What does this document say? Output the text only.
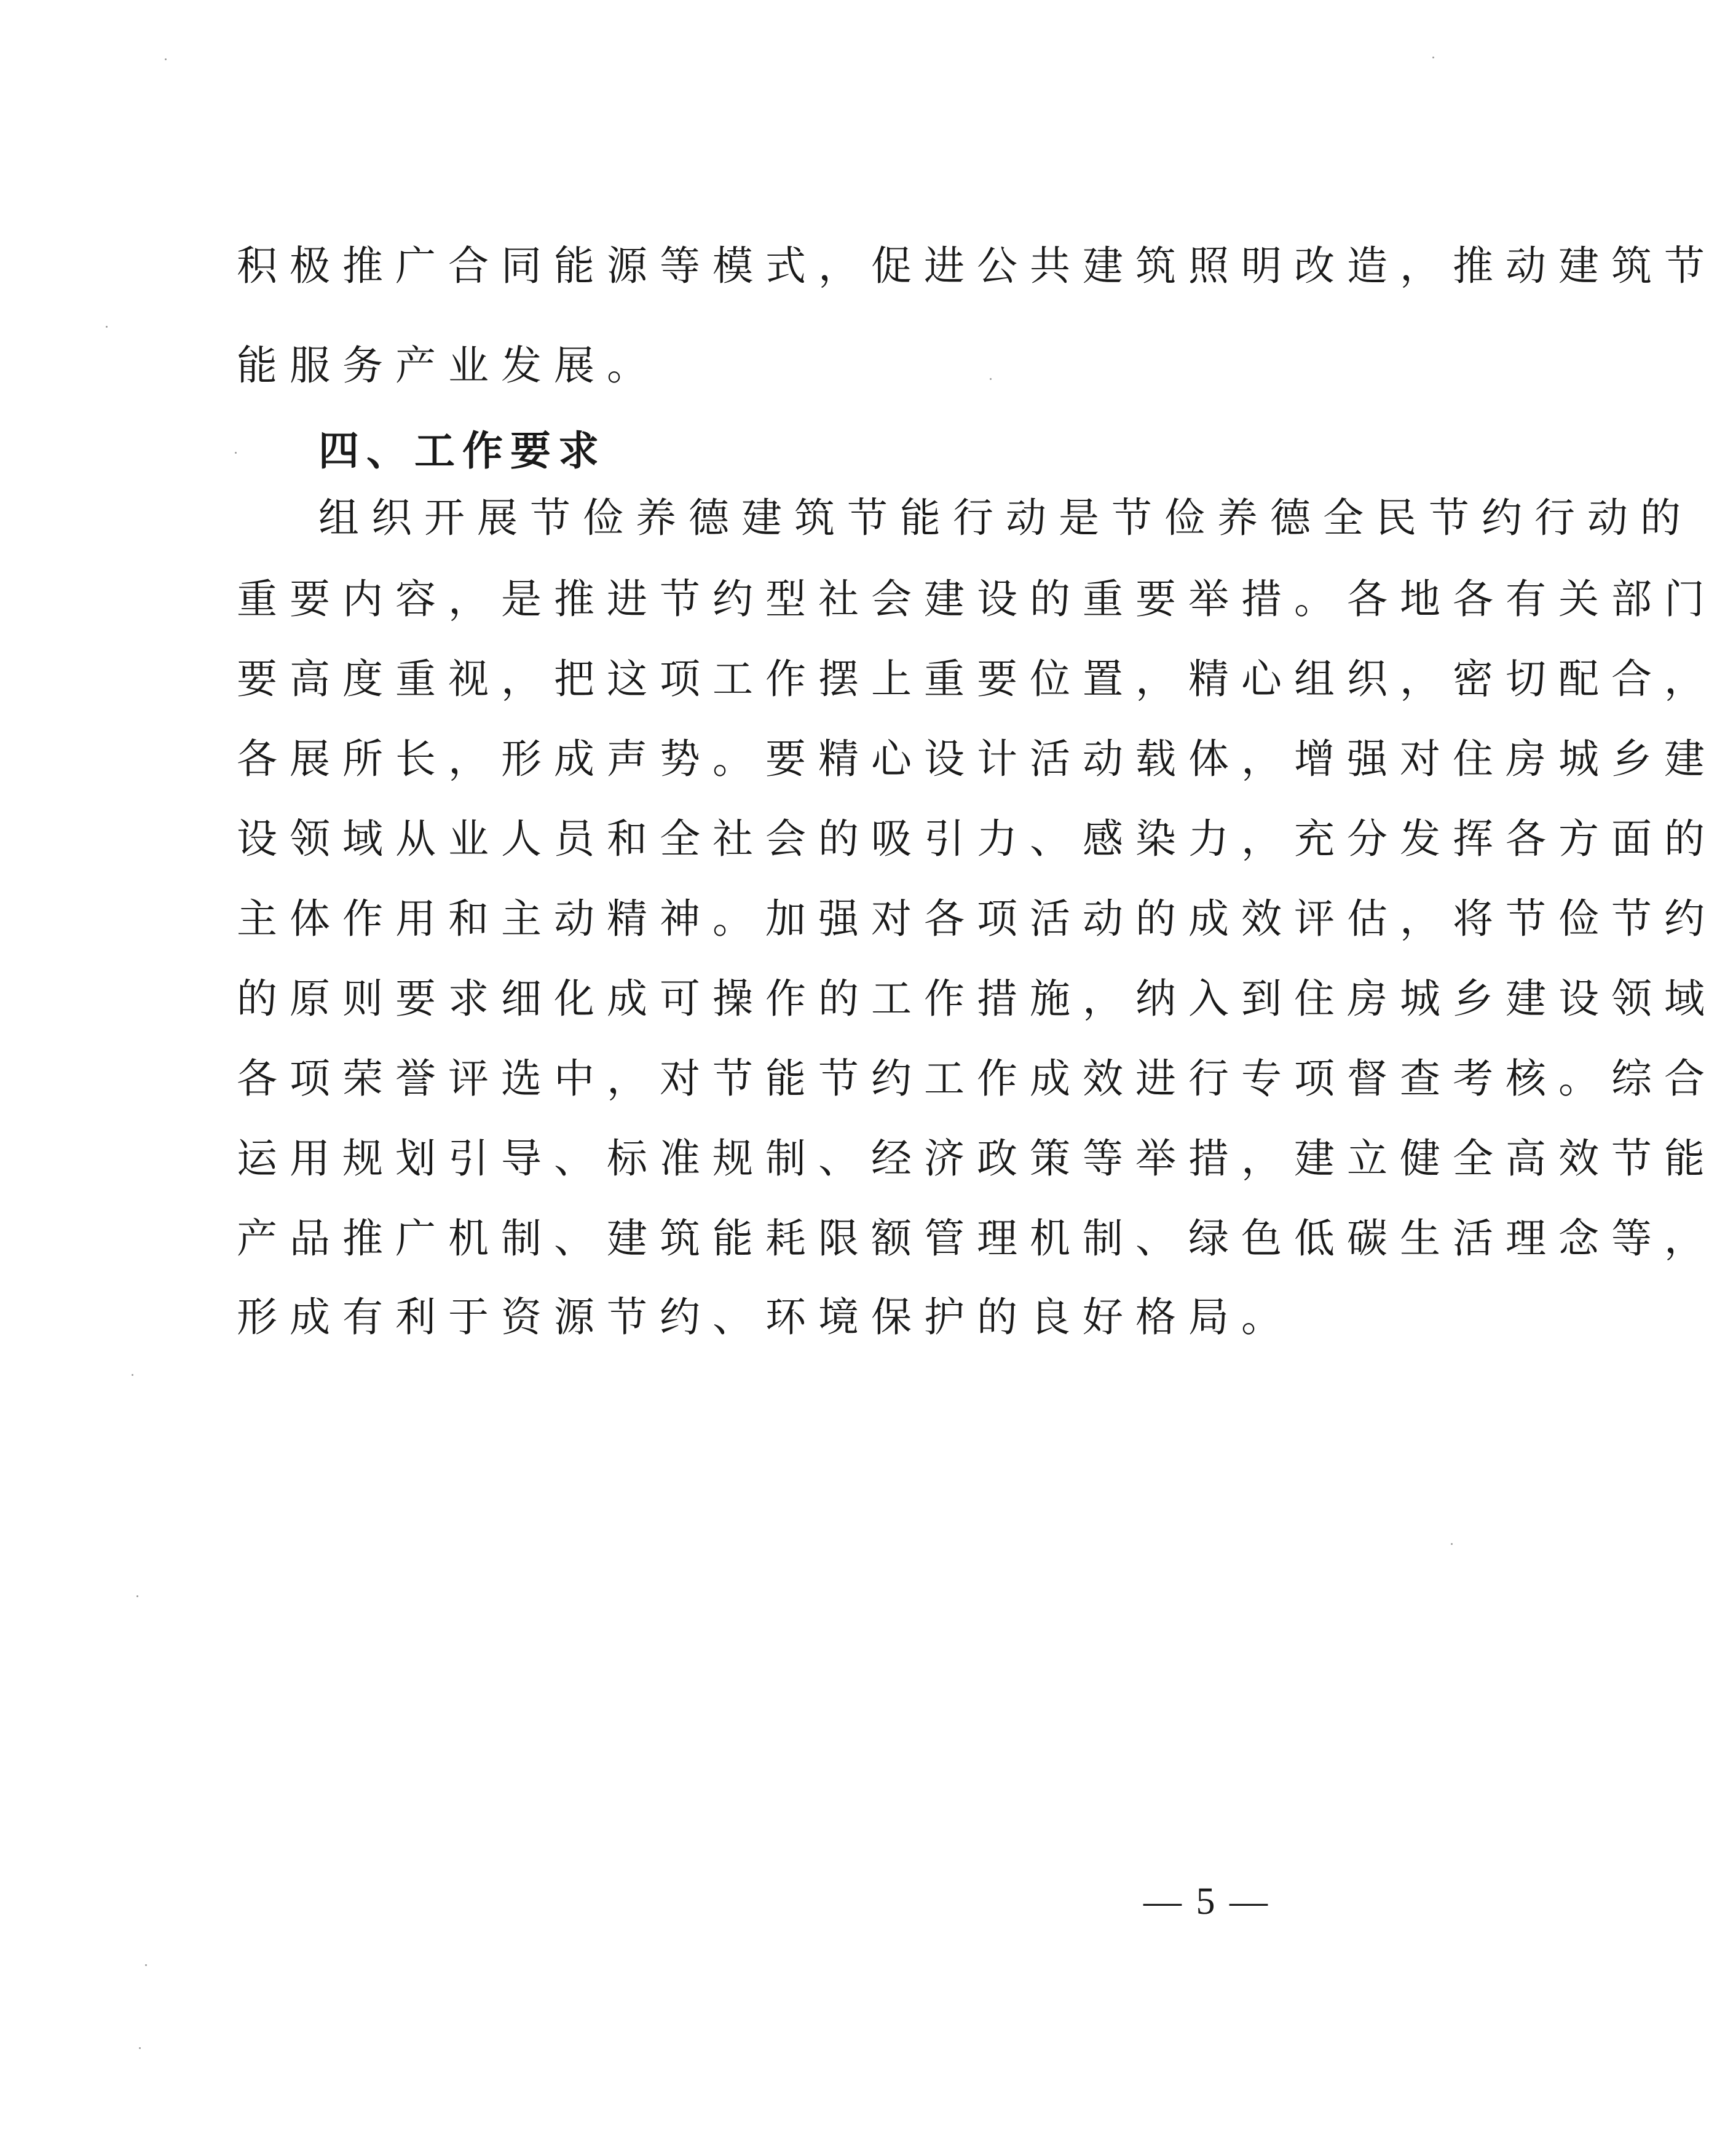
积极推广合同能源等模式，促进公共建筑照明改造，推动建筑节
能服务产业发展。
四、工作要求
组织开展节俭养德建筑节能行动是节俭养德全民节约行动的
重要内容，是推进节约型社会建设的重要举措。各地各有关部门
要高度重视，把这项工作摆上重要位置，精心组织，密切配合，
各展所长，形成声势。要精心设计活动载体，增强对住房城乡建
设领域从业人员和全社会的吸引力、感染力，充分发挥各方面的
主体作用和主动精神。加强对各项活动的成效评估，将节俭节约
的原则要求细化成可操作的工作措施，纳入到住房城乡建设领域
各项荣誉评选中，对节能节约工作成效进行专项督查考核。综合
运用规划引导、标准规制、经济政策等举措，建立健全高效节能
产品推广机制、建筑能耗限额管理机制、绿色低碳生活理念等，
形成有利于资源节约、环境保护的良好格局。
— 5 —
